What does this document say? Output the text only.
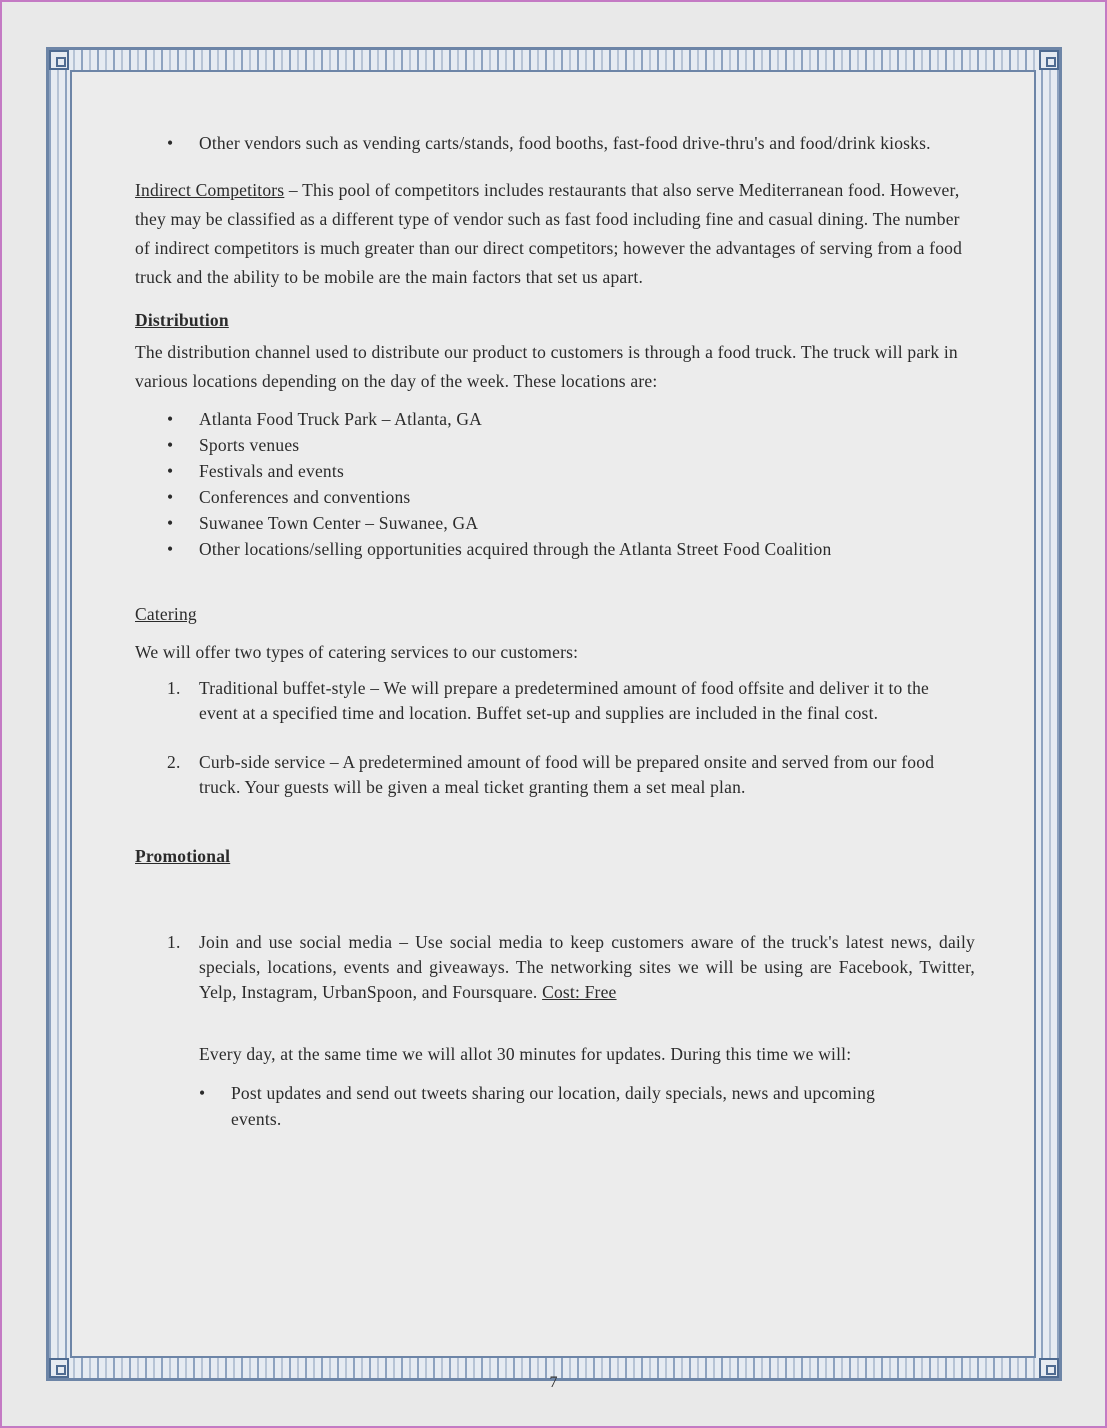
• Other vendors such as vending carts/stands, food booths, fast-food drive-thru's and food/drink kiosks.

Indirect Competitors – This pool of competitors includes restaurants that also serve Mediterranean food. However, they may be classified as a different type of vendor such as fast food including fine and casual dining. The number of indirect competitors is much greater than our direct competitors; however the advantages of serving from a food truck and the ability to be mobile are the main factors that set us apart.

Distribution

The distribution channel used to distribute our product to customers is through a food truck. The truck will park in various locations depending on the day of the week. These locations are:

• Atlanta Food Truck Park – Atlanta, GA
• Sports venues
• Festivals and events
• Conferences and conventions
• Suwanee Town Center – Suwanee, GA
• Other locations/selling opportunities acquired through the Atlanta Street Food Coalition
Catering

We will offer two types of catering services to our customers:

1. Traditional buffet-style – We will prepare a predetermined amount of food offsite and deliver it to the event at a specified time and location. Buffet set-up and supplies are included in the final cost.
2. Curb-side service – A predetermined amount of food will be prepared onsite and served from our food truck. Your guests will be given a meal ticket granting them a set meal plan.
Promotional
1. Join and use social media – Use social media to keep customers aware of the truck's latest news, daily specials, locations, events and giveaways. The networking sites we will be using are Facebook, Twitter, Yelp, Instagram, UrbanSpoon, and Foursquare. Cost: Free

Every day, at the same time we will allot 30 minutes for updates. During this time we will:

• Post updates and send out tweets sharing our location, daily specials, news and upcoming events.
7
